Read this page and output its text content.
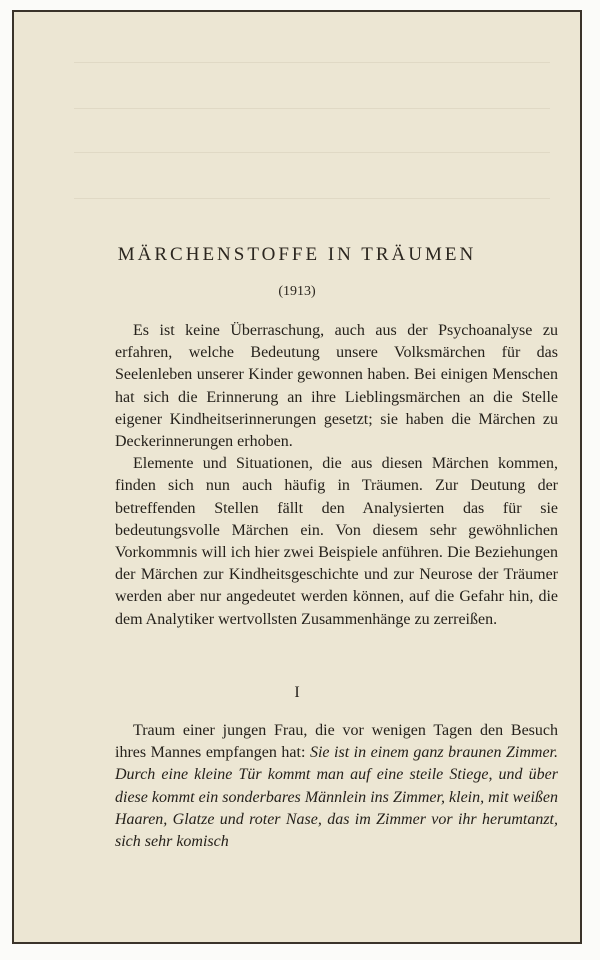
MÄRCHENSTOFFE IN TRÄUMEN
(1913)

Es ist keine Überraschung, auch aus der Psychoanalyse zu erfahren, welche Bedeutung unsere Volksmärchen für das Seelenleben unserer Kinder gewonnen haben. Bei einigen Menschen hat sich die Erinnerung an ihre Lieblingsmärchen an die Stelle eigener Kindheitserinnerungen gesetzt; sie haben die Märchen zu Deckerinnerungen erhoben.

Elemente und Situationen, die aus diesen Märchen kommen, finden sich nun auch häufig in Träumen. Zur Deutung der betreffenden Stellen fällt den Analysierten das für sie bedeutungsvolle Märchen ein. Von diesem sehr gewöhnlichen Vorkommnis will ich hier zwei Beispiele anführen. Die Beziehungen der Märchen zur Kindheitsgeschichte und zur Neurose der Träumer werden aber nur angedeutet werden können, auf die Gefahr hin, die dem Analytiker wertvollsten Zusammenhänge zu zerreißen.

I

Traum einer jungen Frau, die vor wenigen Tagen den Besuch ihres Mannes empfangen hat: Sie ist in einem ganz braunen Zimmer. Durch eine kleine Tür kommt man auf eine steile Stiege, und über diese kommt ein sonderbares Männlein ins Zimmer, klein, mit weißen Haaren, Glatze und roter Nase, das im Zimmer vor ihr herumtanzt, sich sehr komisch
